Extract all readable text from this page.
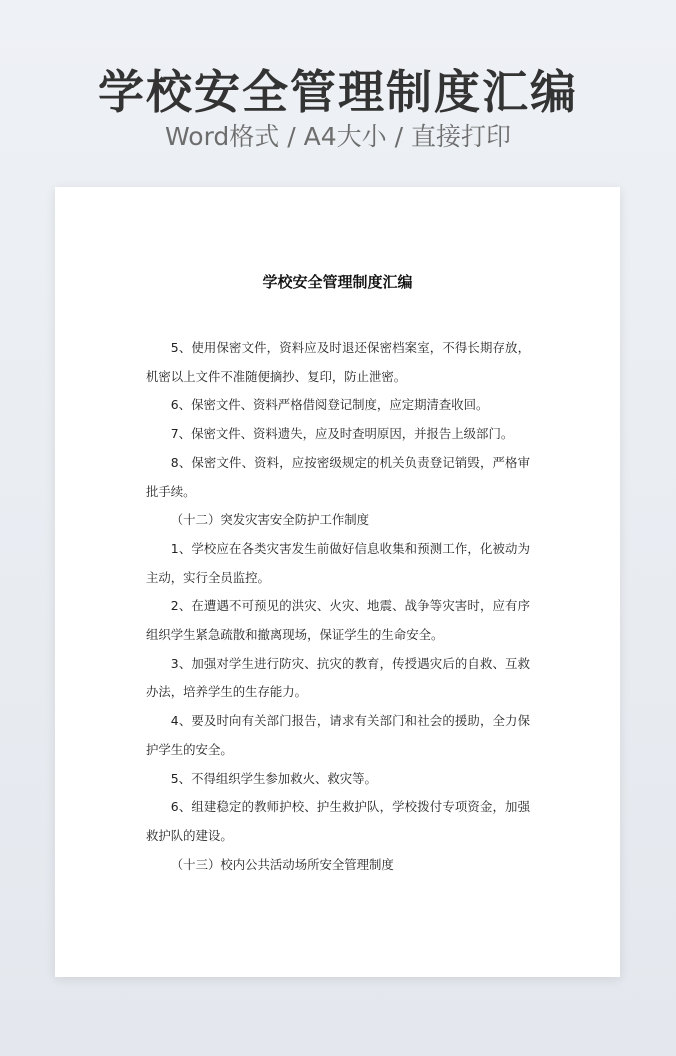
学校安全管理制度汇编
Word格式 / A4大小 / 直接打印
学校安全管理制度汇编

5、使用保密文件，资料应及时退还保密档案室，不得长期存放，机密以上文件不准随便摘抄、复印，防止泄密。

6、保密文件、资料严格借阅登记制度，应定期清查收回。

7、保密文件、资料遗失，应及时查明原因，并报告上级部门。

8、保密文件、资料，应按密级规定的机关负责登记销毁，严格审批手续。

（十二）突发灾害安全防护工作制度

1、学校应在各类灾害发生前做好信息收集和预测工作，化被动为主动，实行全员监控。

2、在遭遇不可预见的洪灾、火灾、地震、战争等灾害时，应有序组织学生紧急疏散和撤离现场，保证学生的生命安全。

3、加强对学生进行防灾、抗灾的教育，传授遇灾后的自救、互救办法，培养学生的生存能力。

4、要及时向有关部门报告，请求有关部门和社会的援助，全力保护学生的安全。

5、不得组织学生参加救火、救灾等。

6、组建稳定的教师护校、护生救护队，学校拨付专项资金，加强救护队的建设。

（十三）校内公共活动场所安全管理制度
